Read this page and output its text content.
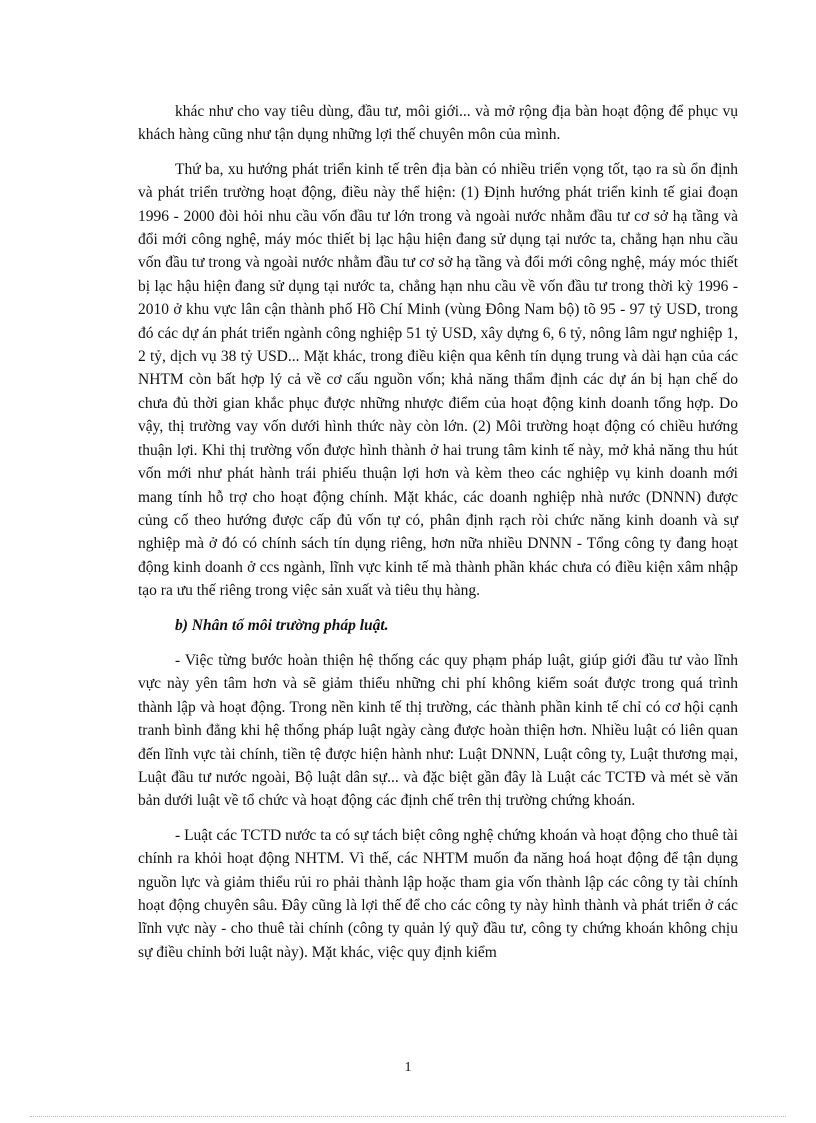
khác như cho vay tiêu dùng, đầu tư, môi giới... và mở rộng địa bàn hoạt động để phục vụ khách hàng cũng như tận dụng những lợi thế chuyên môn của mình.

Thứ ba, xu hướng phát triển kinh tế trên địa bàn có nhiều triển vọng tốt, tạo ra sù ổn định và phát triển trường hoạt động, điều này thể hiện: (1) Định hướng phát triển kinh tế giai đoạn 1996 - 2000 đòi hỏi nhu cầu vốn đầu tư lớn trong và ngoài nước nhằm đầu tư cơ sở hạ tầng và đổi mới công nghệ, máy móc thiết bị lạc hậu hiện đang sử dụng tại nước ta, chẳng hạn nhu cầu vốn đầu tư trong và ngoài nước nhằm đầu tư cơ sở hạ tầng và đổi mới công nghệ, máy móc thiết bị lạc hậu hiện đang sử dụng tại nước ta, chẳng hạn nhu cầu về vốn đầu tư trong thời kỳ 1996 - 2010 ở khu vực lân cận thành phố Hồ Chí Minh (vùng Đông Nam bộ) tõ 95 - 97 tỷ USD, trong đó các dự án phát triển ngành công nghiệp 51 tỷ USD, xây dựng 6, 6 tỷ, nông lâm ngư nghiệp 1, 2 tỷ, dịch vụ 38 tỷ USD... Mặt khác, trong điều kiện qua kênh tín dụng trung và dài hạn của các NHTM còn bất hợp lý cả về cơ cấu nguồn vốn; khả năng thẩm định các dự án bị hạn chế do chưa đủ thời gian khắc phục được những nhược điểm của hoạt động kinh doanh tổng hợp. Do vậy, thị trường vay vốn dưới hình thức này còn lớn. (2) Môi trường hoạt động có chiều hướng thuận lợi. Khi thị trường vốn được hình thành ở hai trung tâm kinh tế này, mở khả năng thu hút vốn mới như phát hành trái phiếu thuận lợi hơn và kèm theo các nghiệp vụ kinh doanh mới mang tính hỗ trợ cho hoạt động chính. Mặt khác, các doanh nghiệp nhà nước (DNNN) được củng cố theo hướng được cấp đủ vốn tự có, phân định rạch ròi chức năng kinh doanh và sự nghiệp mà ở đó có chính sách tín dụng riêng, hơn nữa nhiều DNNN - Tổng công ty đang hoạt động kinh doanh ở ccs ngành, lĩnh vực kinh tế mà thành phần khác chưa có điều kiện xâm nhập tạo ra ưu thế riêng trong việc sản xuất và tiêu thụ hàng.

b) Nhân tố môi trường pháp luật.

- Việc từng bước hoàn thiện hệ thống các quy phạm pháp luật, giúp giới đầu tư vào lĩnh vực này yên tâm hơn và sẽ giảm thiểu những chi phí không kiểm soát được trong quá trình thành lập và hoạt động. Trong nền kinh tế thị trường, các thành phần kinh tế chỉ có cơ hội cạnh tranh bình đẳng khi hệ thống pháp luật ngày càng được hoàn thiện hơn. Nhiều luật có liên quan đến lĩnh vực tài chính, tiền tệ được hiện hành như: Luật DNNN, Luật công ty, Luật thương mại, Luật đầu tư nước ngoài, Bộ luật dân sự... và đặc biệt gần đây là Luật các TCTĐ và mét sè văn bản dưới luật về tổ chức và hoạt động các định chế trên thị trường chứng khoán.

- Luật các TCTD nước ta có sự tách biệt công nghệ chứng khoán và hoạt động cho thuê tài chính ra khỏi hoạt động NHTM. Vì thế, các NHTM muốn đa năng hoá hoạt động để tận dụng nguồn lực và giảm thiểu rủi ro phải thành lập hoặc tham gia vốn thành lập các công ty tài chính hoạt động chuyên sâu. Đây cũng là lợi thế để cho các công ty này hình thành và phát triển ở các lĩnh vực này - cho thuê tài chính (công ty quản lý quỹ đầu tư, công ty chứng khoán không chịu sự điều chỉnh bởi luật này). Mặt khác, việc quy định kiểm

1
